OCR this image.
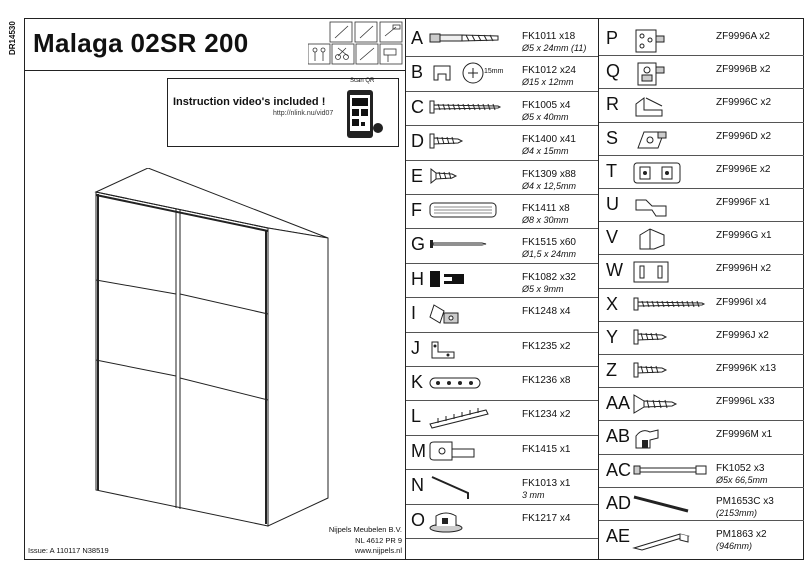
DR14530 Malaga 02SR 200
Instruction video's included !
http://nlink.nu/vid07
Scan QR
Issue: A 110117 N38519
Nijpels Meubelen B.V.
NL 4612 PR 9
www.nijpels.nl
A	FK1011 x18
Ø5 x 24mm (11)
B	FK1012 x24
Ø15 x 12mm
C	FK1005 x4
Ø5 x 40mm
D	FK1400 x41
Ø4 x 15mm
E	FK1309 x88
Ø4 x 12,5mm
F	FK1411 x8
Ø8 x 30mm
G	FK1515 x60
Ø1,5 x 24mm
H	FK1082 x32
Ø5 x 9mm
I	FK1248 x4
J	FK1235 x2
K	FK1236 x8
L	FK1234 x2
M	FK1415 x1
N	FK1013 x1
3 mm
O	FK1217 x4
P	ZF9996A x2
Q	ZF9996B x2
R	ZF9996C x2
S	ZF9996D x2
T	ZF9996E x2
U	ZF9996F x1
V	ZF9996G x1
W	ZF9996H x2
X	ZF9996I x4
Y	ZF9996J x2
Z	ZF9996K x13
AA	ZF9996L x33
AB	ZF9996M x1
AC	FK1052 x3
Ø5x 66,5mm
AD	PM1653C x3
(2153mm)
AE	PM1863 x2
(946mm)
15mm
